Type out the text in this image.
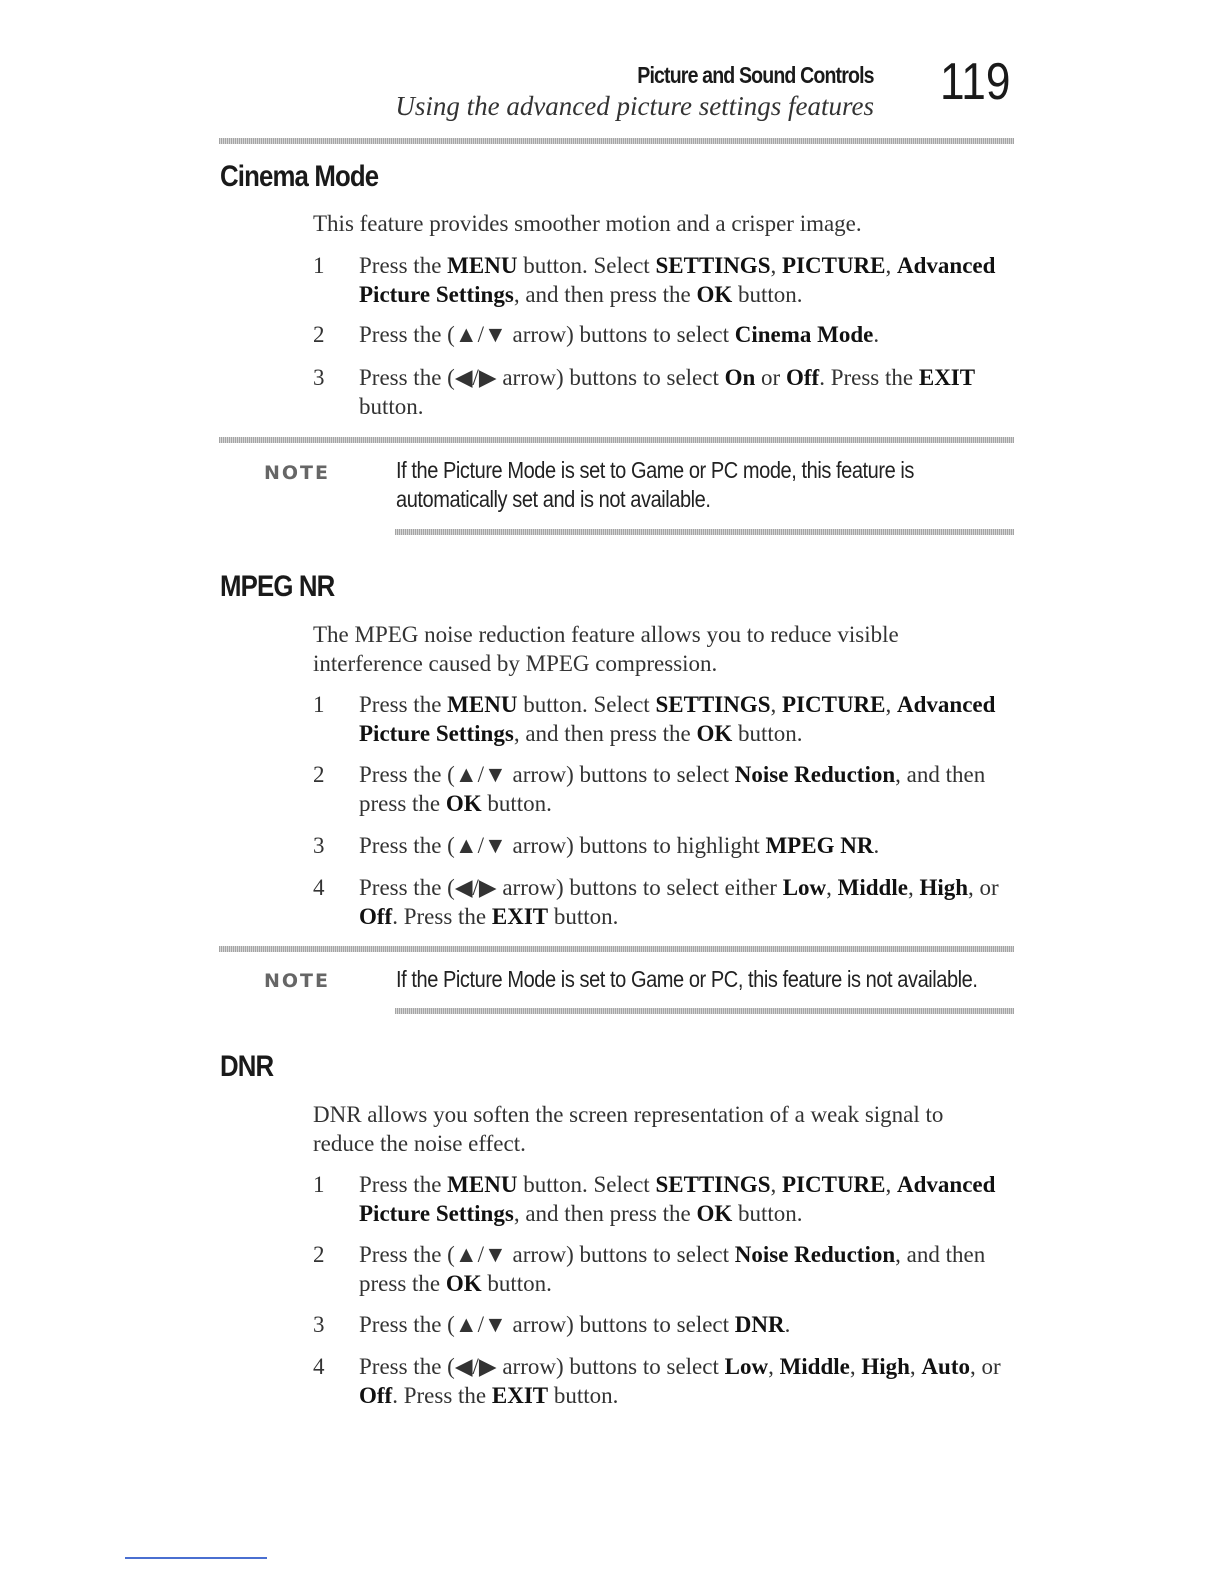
Picture and Sound Controls
Using the advanced picture settings features 119
Cinema Mode
This feature provides smoother motion and a crisper image.
1	Press the MENU button. Select SETTINGS, PICTURE, Advanced Picture Settings, and then press the OK button.
2	Press the (▲/▼ arrow) buttons to select Cinema Mode.
3	Press the (◀/▶ arrow) buttons to select On or Off. Press the EXIT button.
NOTE	If the Picture Mode is set to Game or PC mode, this feature is
automatically set and is not available.
MPEG NR
The MPEG noise reduction feature allows you to reduce visible interference caused by MPEG compression.
1	Press the MENU button. Select SETTINGS, PICTURE, Advanced Picture Settings, and then press the OK button.
2	Press the (▲/▼ arrow) buttons to select Noise Reduction, and then press the OK button.
3	Press the (▲/▼ arrow) buttons to highlight MPEG NR.
4	Press the (◀/▶ arrow) buttons to select either Low, Middle, High, or Off. Press the EXIT button.
NOTE	If the Picture Mode is set to Game or PC, this feature is not available.
DNR
DNR allows you soften the screen representation of a weak signal to reduce the noise effect.
1	Press the MENU button. Select SETTINGS, PICTURE, Advanced Picture Settings, and then press the OK button.
2	Press the (▲/▼ arrow) buttons to select Noise Reduction, and then press the OK button.
3	Press the (▲/▼ arrow) buttons to select DNR.
4	Press the (◀/▶ arrow) buttons to select Low, Middle, High, Auto, or Off. Press the EXIT button.
